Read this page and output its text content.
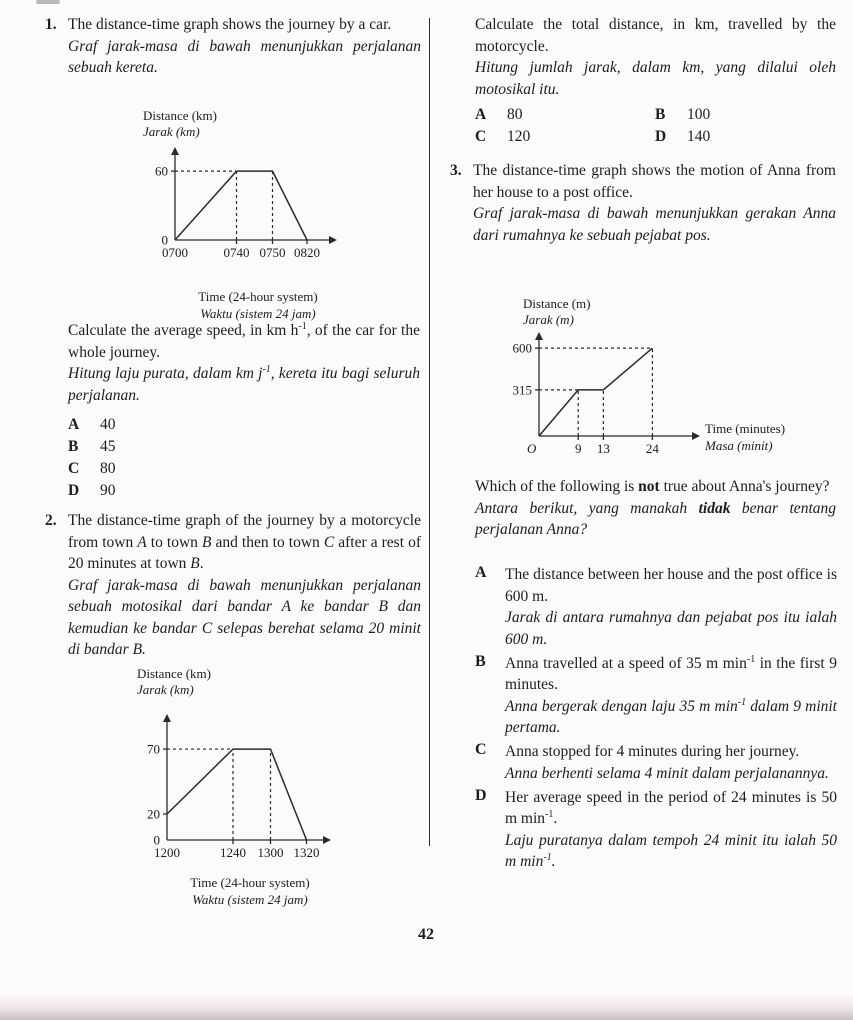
1. The distance-time graph shows the journey by a car.

Graf jarak-masa di bawah menunjukkan perjalanan sebuah kereta.

Distance (km)
Jarak (km)
0700	0740 0750 0820
0
60
Time (24-hour system)
Waktu (sistem 24 jam)

Calculate the average speed, in km $h^{-1}$, of the car for the whole journey.

Hitung laju purata, dalam km $j^{-1}$, kereta itu bagi seluruh perjalanan.

A 40
B 45
C 80
D 90
2. The distance-time graph of the journey by a motorcycle from town A to town B and then to town C after a rest of 20 minutes at town B.

Graf jarak-masa di bawah menunjukkan perjalanan sebuah motosikal dari bandar A ke bandar B dan kemudian ke bandar C selepas berehat selama 20 minit di bandar B.

Distance (km)
Jarak (km)
1200	1240 1300 1320
0
20
70
Time (24-hour system)
Waktu (sistem 24 jam)

Calculate the total distance, in km, travelled by the motorcycle.

Hitung jumlah jarak, dalam km, yang dilalui oleh motosikal itu.

A 80	B 100
C 120	D 140
3. The distance-time graph shows the motion of Anna from her house to a post office.

Graf jarak-masa di bawah menunjukkan gerakan Anna dari rumahnya ke sebuah pejabat pos.

Distance (m)
Jarak (m)
9 13	24
315
600
O
Time (minutes)
Masa (minit)

Which of the following is not true about Anna's journey?

Antara berikut, yang manakah tidak benar tentang perjalanan Anna?

A The distance between her house and the post office is 600 m.

Jarak di antara rumahnya dan pejabat pos itu ialah 600 m.

B Anna travelled at a speed of 35 m $\min^{-1}$ in the first 9 minutes.

Anna bergerak dengan laju 35 m $\min^{-1}$ dalam 9 minit pertama.

C Anna stopped for 4 minutes during her journey.

Anna berhenti selama 4 minit dalam perjalanannya.

D Her average speed in the period of 24 minutes is 50 m $\min^{-1}$.

Laju puratanya dalam tempoh 24 minit itu ialah 50 m $\min^{-1}$.

42
